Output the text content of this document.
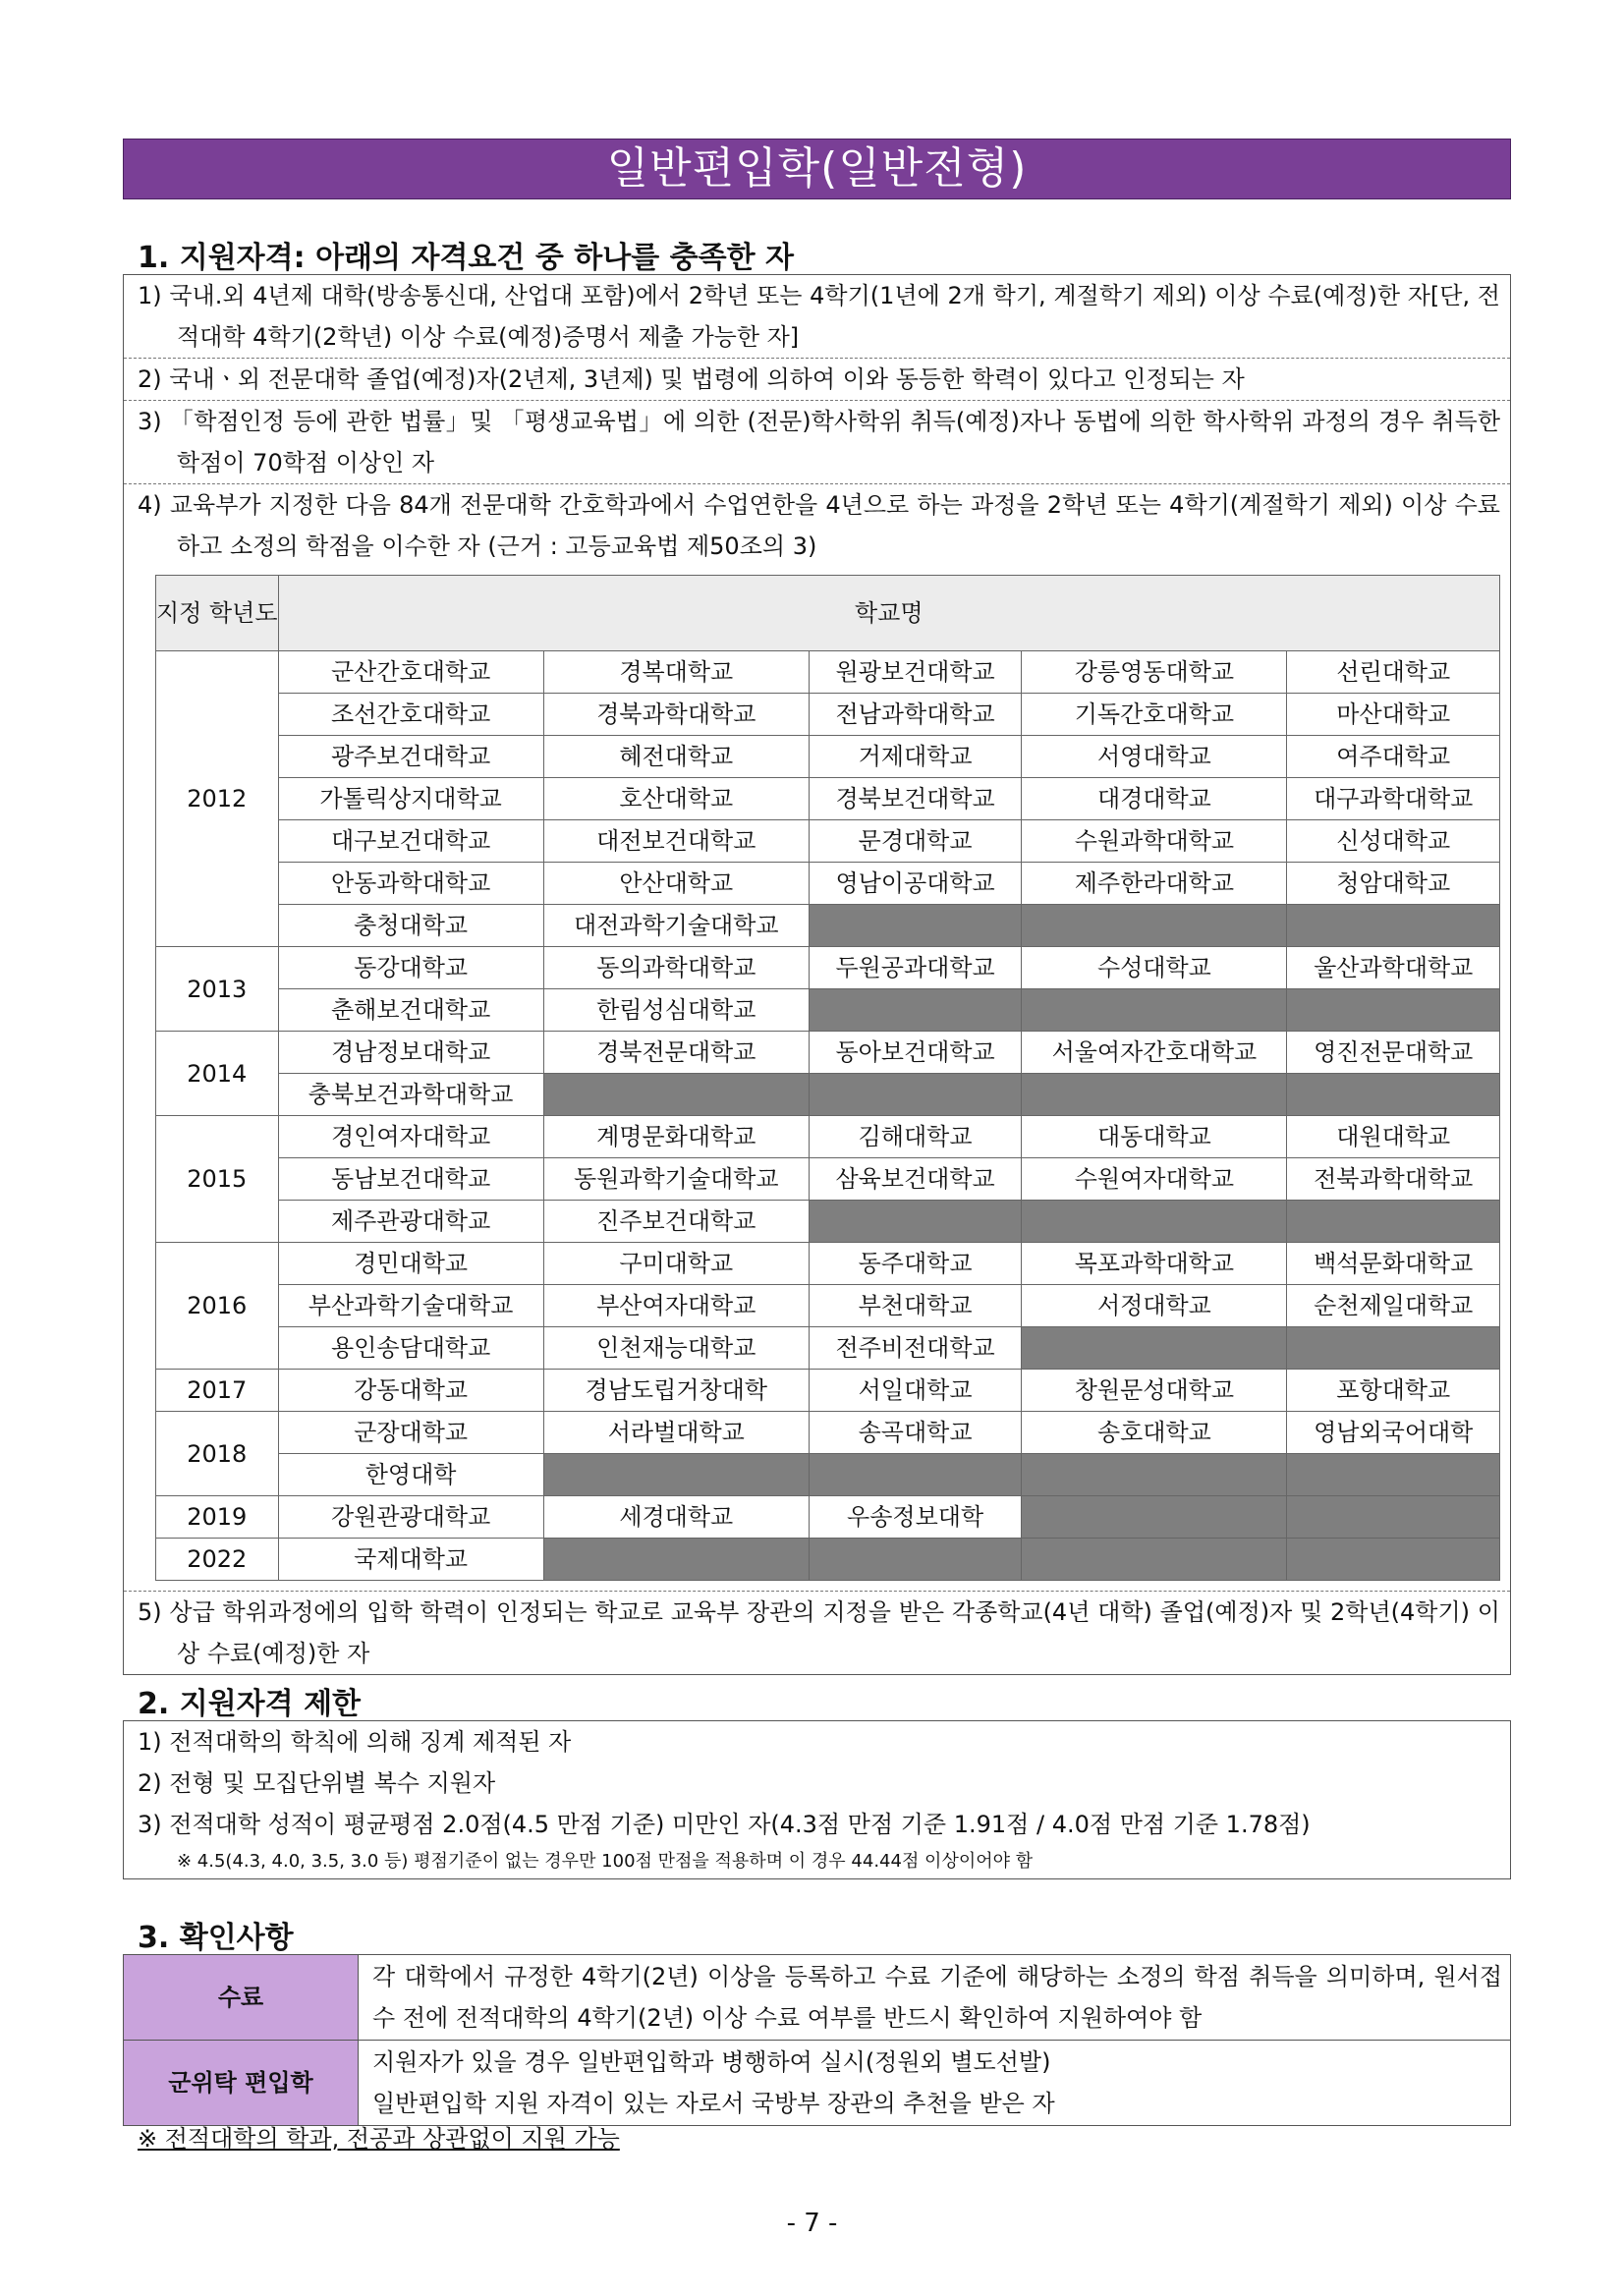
일반편입학(일반전형)
1. 지원자격: 아래의 자격요건 중 하나를 충족한 자
1) 국내.외 4년제 대학(방송통신대, 산업대 포함)에서 2학년 또는 4학기(1년에 2개 학기, 계절학기 제외) 이상 수료(예정)한 자[단, 전적대학 4학기(2학년) 이상 수료(예정)증명서 제출 가능한 자]
2) 국내ㆍ외 전문대학 졸업(예정)자(2년제, 3년제) 및 법령에 의하여 이와 동등한 학력이 있다고 인정되는 자
3) 「학점인정 등에 관한 법률」및 「평생교육법」에 의한 (전문)학사학위 취득(예정)자나 동법에 의한 학사학위 과정의 경우 취득한 학점이 70학점 이상인 자
4) 교육부가 지정한 다음 84개 전문대학 간호학과에서 수업연한을 4년으로 하는 과정을 2학년 또는 4학기(계절학기 제외) 이상 수료하고 소정의 학점을 이수한 자 (근거 : 고등교육법 제50조의 3)
지정 학년도	학교명				
2012	군산간호대학교	경복대학교	원광보건대학교	강릉영동대학교	선린대학교
	조선간호대학교	경북과학대학교	전남과학대학교	기독간호대학교	마산대학교
	광주보건대학교	혜전대학교	거제대학교	서영대학교	여주대학교
	가톨릭상지대학교	호산대학교	경북보건대학교	대경대학교	대구과학대학교
	대구보건대학교	대전보건대학교	문경대학교	수원과학대학교	신성대학교
	안동과학대학교	안산대학교	영남이공대학교	제주한라대학교	청암대학교
	충청대학교	대전과학기술대학교			
2013	동강대학교	동의과학대학교	두원공과대학교	수성대학교	울산과학대학교
	춘해보건대학교	한림성심대학교			
2014	경남정보대학교	경북전문대학교	동아보건대학교	서울여자간호대학교	영진전문대학교
	충북보건과학대학교				
2015	경인여자대학교	계명문화대학교	김해대학교	대동대학교	대원대학교
	동남보건대학교	동원과학기술대학교	삼육보건대학교	수원여자대학교	전북과학대학교
	제주관광대학교	진주보건대학교			
2016	경민대학교	구미대학교	동주대학교	목포과학대학교	백석문화대학교
	부산과학기술대학교	부산여자대학교	부천대학교	서정대학교	순천제일대학교
	용인송담대학교	인천재능대학교	전주비전대학교		
2017	강동대학교	경남도립거창대학	서일대학교	창원문성대학교	포항대학교
2018	군장대학교	서라벌대학교	송곡대학교	송호대학교	영남외국어대학
	한영대학				
2019	강원관광대학교	세경대학교	우송정보대학		
2022	국제대학교				
5) 상급 학위과정에의 입학 학력이 인정되는 학교로 교육부 장관의 지정을 받은 각종학교(4년 대학) 졸업(예정)자 및 2학년(4학기) 이상 수료(예정)한 자
2. 지원자격 제한
1) 전적대학의 학칙에 의해 징계 제적된 자
2) 전형 및 모집단위별 복수 지원자
3) 전적대학 성적이 평균평점 2.0점(4.5 만점 기준) 미만인 자(4.3점 만점 기준 1.91점 / 4.0점 만점 기준 1.78점)
※ 4.5(4.3, 4.0, 3.5, 3.0 등) 평점기준이 없는 경우만 100점 만점을 적용하며 이 경우 44.44점 이상이어야 함
3. 확인사항
수료	각 대학에서 규정한 4학기(2년) 이상을 등록하고 수료 기준에 해당하는 소정의 학점 취득을 의미하며, 원서접수 전에 전적대학의 4학기(2년) 이상 수료 여부를 반드시 확인하여 지원하여야 함
군위탁 편입학	지원자가 있을 경우 일반편입학과 병행하여 실시(정원외 별도선발)
일반편입학 지원 자격이 있는 자로서 국방부 장관의 추천을 받은 자
※ 전적대학의 학과, 전공과 상관없이 지원 가능
- 7 -
